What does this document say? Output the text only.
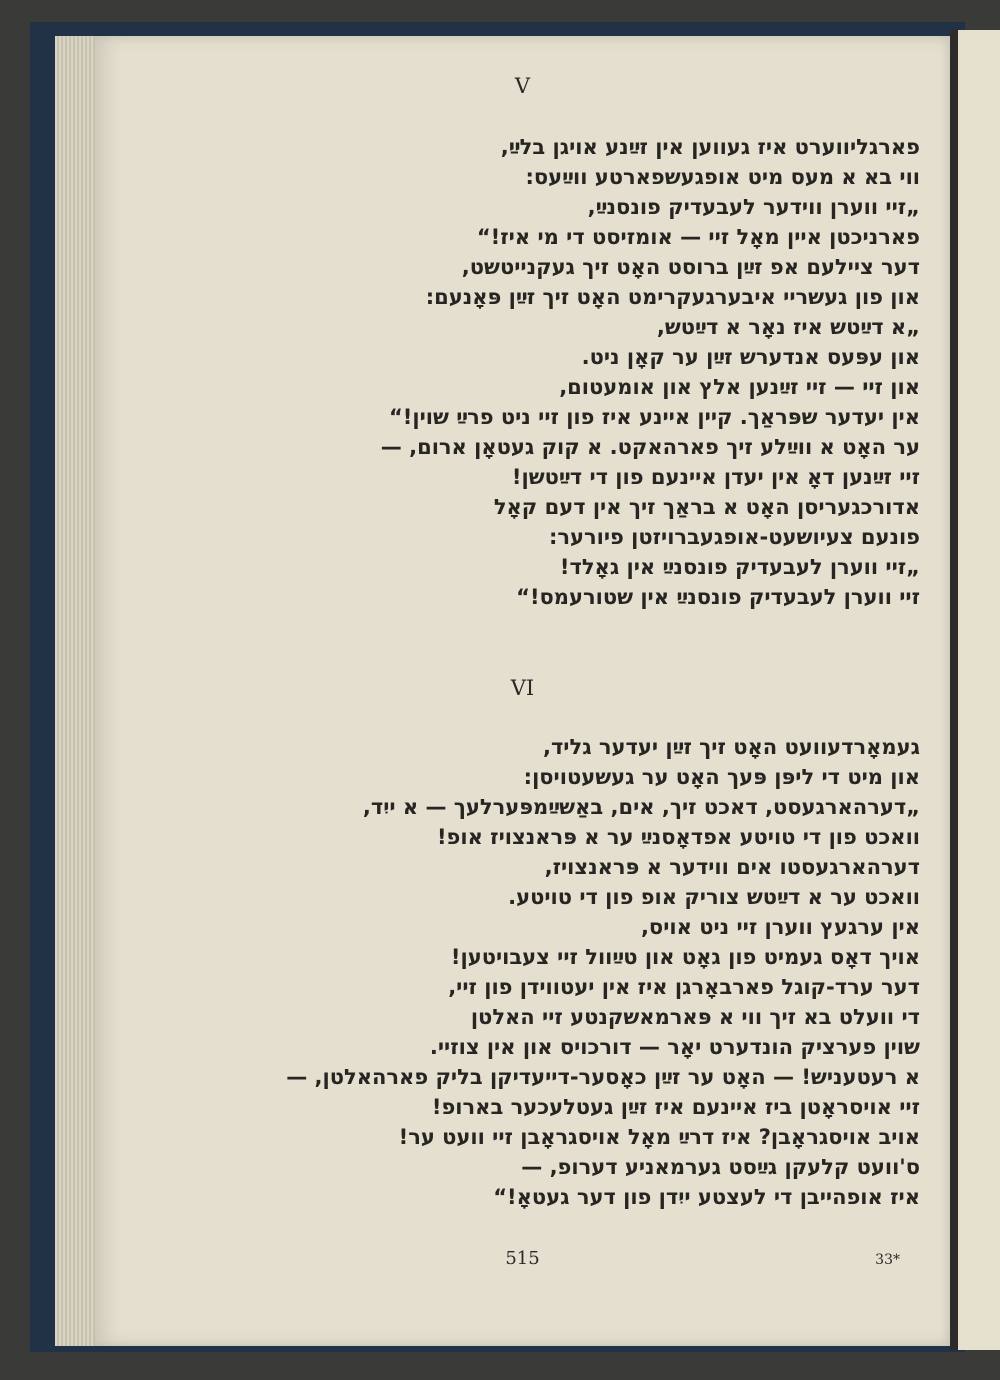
V
פארגליווערט איז געווען אין זײַנע אויגן בלײַ,
ווי בא א מעס מיט אופגעשפארטע ווײַעס:
„זיי ווערן ווידער לעבעדיק פונסנײַ,
פארניכטן איין מאָל זיי — אומזיסט די מי איז!“
דער ציילעם אפ זײַן ברוסט האָט זיך געקנייטשט,
און פון געשריי איבערגעקרימט האָט זיך זײַן פּאָנעם:
„א דײַטש איז נאָר א דײַטש,
און עפּעס אנדערש זײַן ער קאָן ניט.
און זיי — זיי זײַנען אלץ און אומעטום,
אין יעדער שפּראַך. קיין איינע איז פון זיי ניט פרײַ שוין!“
ער האָט א ווײַלע זיך פארהאקט. א קוק געטאָן ארום, —
זיי זײַנען דאָ אין יעדן איינעם פון די דײַטשן!
אדורכגעריסן האָט א בראַך זיך אין דעם קאָל
פונעם צעיושעט-אופגעברויזטן פיורער:
„זיי ווערן לעבעדיק פונסנײַ אין גאָלד!
זיי ווערן לעבעדיק פונסנײַ אין שטורעמס!“
VI
געמאָרדעוועט האָט זיך זײַן יעדער גליד,
און מיט די ליפּן פּעך האָט ער געשעטויסן:
„דערהארגעסט, דאכט זיך, אים, באַשײַמפּערלעך — א ייִד,
וואכט פון די טויטע אפדאָסנײַ ער א פּראנצויז אופ!
דערהארגעסטו אים ווידער א פּראנצויז,
וואכט ער א דײַטש צוריק אופ פון די טויטע.
אין ערגעץ ווערן זיי ניט אויס,
אויך דאָס געמיט פון גאָט און טײַוול זיי צעבויטען!
דער ערד-קוגל פארבאָרגן איז אין יעטווידן פון זיי,
די וועלט בא זיך ווי א פּארמאשקנטע זיי האלטן
שוין פערציק הונדערט יאָר — דורכויס און אין צוזיי.
א רעטעניש! — האָט ער זײַן כאָסער-דייעדיקן בליק פארהאלטן, —
זיי אויסראָטן ביז איינעם איז זײַן געטלעכער בארופ!
אויב אויסגראָבן? איז דרײַ מאָל אויסגראָבן זיי וועט ער!
ס'וועט קלעקן גײַסט גערמאניע דערופ, —
איז אופהייבן די לעצטע ייִדן פון דער געטאָ!“
515	33*
